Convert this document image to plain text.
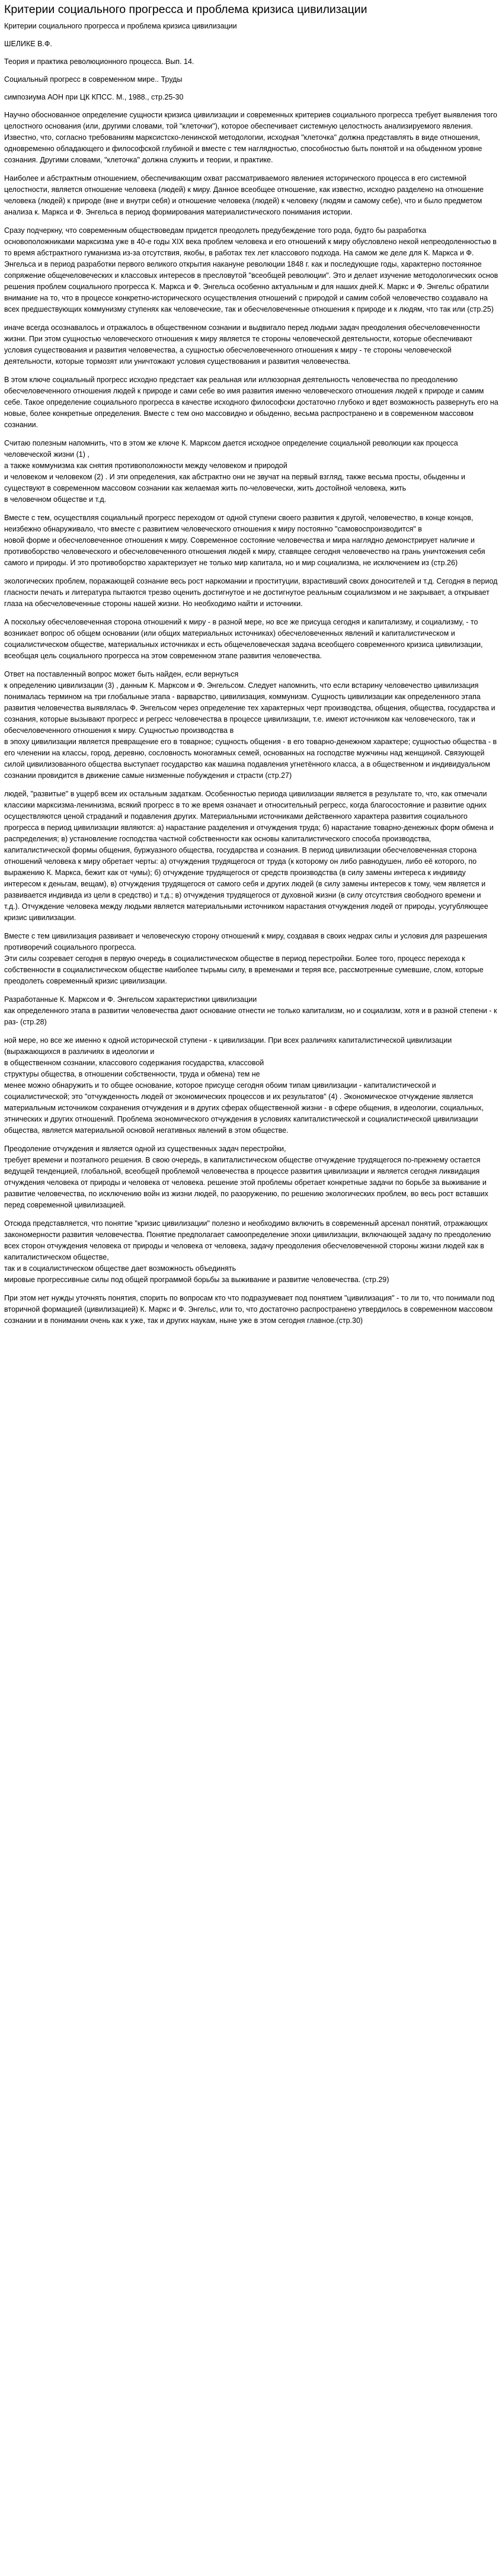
Критерии социального прогресса и проблема кризиса цивилизации

Критерии социального прогресса и проблема кризиса цивилизации

ШЕЛИКЕ В.Ф.

Теория и практика революционного процесса. Вып. 14.

Социальный прогресс в современном мире.. Труды

симпозиума АОН при ЦК КПСС. М., 1988., стр.25-30

Научно обоснованное определение сущности кризиса цивилизации и современных критериев социального прогресса требует выявления того целостного основания (или, другими словами, той "клеточки"), которое обеспечивает системную целостность анализируемого явления. Известно, что, согласно требованиям марксистско-ленинской методологии, исходная "клеточка" должна представлять в виде отношения, одновременно обладающего и философской глубиной и вместе с тем наглядностью, способностью быть понятой и на обыденном уровне сознания. Другими словами, "клеточка" должна служить и теории, и практике.

Наиболее и абстрактным отношением, обеспечивающим охват рассматриваемого явлениея исторического процесса в его системной целостности, является отношение человека (людей) к миру. Данное всеобщее отношение, как известно, исходно разделено на отношение человека (людей) к природе (вне и внутри себя) и отношение человека (людей) к человеку (людям и самому себе), что и было предметом анализа к. Маркса и Ф. Энгельса в период формирования материалистического понимания истории.

Сразу подчеркну, что современным обществоведам придется преодолеть предубеждение того рода, будто бы разработка основоположниками марксизма уже в 40-е годы XIX века проблем человека и его отношений к миру обусловлено некой непреодоленностью в то время абстрактного гуманизма из-за отсутствия, якобы, в работах тех лет классового подхода. На самом же деле для К. Маркса и Ф. Энгельса и в период разработки первого великого открытия накануне революции 1848 г. как и последующие годы, характерно постоянное сопряжение общечеловеческих и классовых интересов в пресловутой "всеобщей революции". Это и делает изучение методологических основ решения проблем социального прогресса К. Маркса и Ф. Энгельса особенно актуальным и для наших дней.К. Маркс и Ф. Энгельс обратили внимание на то, что в процессе конкретно-исторического осуществления отношений с природой и самим собой человечество создавало на всех предшествующих коммунизму ступенях как человеческие, так и обесчеловеченные отношения к природе и к людям, что так или (стр.25)

иначе всегда осознавалось и отражалось в общественном сознании и выдвигало перед людьми задач преодоления обесчеловеченности жизни. При этом сущностью человеческого отношения к миру является те стороны человеческой деятельности, которые обеспечивают условия существования и развития человечества, а сущностью обесчеловеченного отношения к миру - те стороны человеческой деятельности, которые тормозят или уничтожают условия существования и развития человечества.

В этом ключе социальный прогресс исходно предстает как реальная или иллюзорная деятельность человечества по преодолению обесчеловеченного отношения людей к природе и сами себе во имя развития именно человеческого отношения людей к природе и самим себе. Такое определение социального прогресса в качестве исходного философски достаточно глубоко и вдет возможность развернуть его на новые, более конкретные определения. Вместе с тем оно массовидно и обыденно, весьма распространено и в современном массовом сознании.

Считаю полезным напомнить, что в этом же ключе К. Марксом дается исходное определение социальной революции как процесса человеческой жизни (1) ,
а также коммунизма как снятия противоположности между человеком и природой
и человеком и человеком (2) . И эти определения, как абстрактно они не звучат на первый взгляд, также весьма просты, обыденны и существуют в современном массовом сознании как желаемая жить по-человечески, жить достойной человека, жить
в человечном обществе и т.д.

Вместе с тем, осуществляя социальный прогресс переходом от одной ступени своего развития к другой, человечество, в конце концов, неизбежно обнаруживало, что вместе с развитием человеческого отношения к миру постоянно "самовоспроизводится" в
новой форме и обесчеловеченное отношения к миру. Современное состояние человечества и мира наглядно демонстрирует наличие и противоборство человеческого и обесчеловеченного отношения людей к миру, ставящее сегодня человечество на грань уничтожения себя самого и природы. И это противоборство характеризует не только мир капитала, но и мир социализма, не исключением из (стр.26)

экологических проблем, поражающей сознание весь рост наркомании и проституции, взрастивший своих доносителей и т.д. Сегодня в период гласности печать и литература пытаются трезво оценить достигнутое и не достигнутое реальным социализмом и не закрывает, а открывает глаза на обесчеловеченные стороны нашей жизни. Но необходимо найти и источники.

А поскольку обесчеловеченная сторона отношений к миру - в разной мере, но все же присуща сегодня и капитализму, и социализму, - то возникает вопрос об общем основании (или общих материальных источниках) обесчеловеченных явлений и капиталистическом и социалистическом обществе, материальных источниках и есть общечеловеческая задача всеобщего современного кризиса цивилизации, всеобщая цель социального прогресса на этом современном этапе развития человечества.

Ответ на поставленный вопрос может быть найден, если вернуться
к определению цивилизации (3) , данным К. Марксом и Ф. Энгельсом. Следует напомнить, что если встарину человечество цивилизация понималась термином на три глобальные этапа - варварство, цивилизация, коммунизм. Сущность цивилизации как определенного этапа развития человечества выявлялась Ф. Энгельсом через определение тех характерных черт производства, общения, общества, государства и сознания, которые вызывают прогресс и регресс человечества в процессе цивилизации, т.е. имеют источником как человеческого, так и обесчеловеченного отношения к миру. Сущностью производства в
в эпоху цивилизации является превращение его в товарное; сущность общения - в его товарно-денежном характере; сущностью общества - в его членении на классы, город, деревню, сословность моногамных семей, основанных на господстве мужчины над женщиной. Связующей силой цивилизованного общества выступает государство как машина подавления угнетённого класса, а в общественном и индивидуальном сознании провидится в движение самые низменные побуждения и страсти (стр.27)

людей, "развитые" в ущерб всем их остальным задаткам. Особенностью периода цивилизации является в результате то, что, как отмечали классики марксизма-ленинизма, всякий прогресс в то же время означает и относительный регресс, когда благосостояние и развитие одних осуществляются ценой страданий и подавления других. Материальными источниками действенного характера развития социального прогресса в период цивилизации являются: а) нарастание разделения и отчуждения труда; б) нарастание товарно-денежных форм обмена и распределения; в) установление господства частной собственности как основы капиталистического способа производства, капиталистической формы общения, буржуазного общества, государства и сознания. В период цивилизации обесчеловеченная сторона отношений человека к миру обретает черты: а) отчуждения трудящегося от труда (к которому он либо равнодушен, либо её которого, по выражению К. Маркса, бежит как от чумы); б) отчуждение трудящегося от средств производства (в силу замены интереса к индивиду интересом к деньгам, вещам), в) отчуждения трудящегося от самого себя и других людей (в силу замены интересов к тому, чем является и развивается индивида из цели в средство) и т.д.; в) отчуждения трудящегося от духовной жизни (в силу отсутствия свободного времени и т.д.). Отчуждение человека между людьми является материальными источником нарастания отчуждения людей от природы, усугубляющее кризис цивилизации.

Вместе с тем цивилизация развивает и человеческую сторону отношений к миру, создавая в своих недрах силы и условия для разрешения противоречий социального прогресса.
Эти силы созревает сегодня в первую очередь в социалистическом обществе в период перестройки. Более того, процесс перехода к собственности в социалистическом обществе наиболее тырьмы силу, в временами и теряя все, рассмотренные сумевшие, слом, которые преодолеть современный кризис цивилизации.

Разработанные К. Марксом и Ф. Энгельсом характеристики цивилизации
как определенного этапа в развитии человечества дают основание отнести не только капитализм, но и социализм, хотя и в разной степени - к раз- (стр.28)

ной мере, но все же именно к одной исторической ступени - к цивилизации. При всех различиях капиталистической цивилизации (выражающихся в различиях в идеологии и
в общественном сознании, классового содержания государства, классовой
структуры общества, в отношении собственности, труда и обмена) тем не
менее можно обнаружить и то общее основание, которое присуще сегодня обоим типам цивилизации - капиталистической и социалистической; это "отчужденность людей от экономических процессов и их результатов" (4) . Экономическое отчуждение является материальным источником сохранения отчуждения и в других сферах общественной жизни - в сфере общения, в идеологии, социальных, этнических и других отношений. Проблема экономического отчуждения в условиях капиталистической и социалистической цивилизации общества, является материальной основой негативных явлений в этом обществе.

Преодоление отчуждения и является одной из существенных задач перестройки,
требует времени и поэтапного решения. В свою очередь, в капиталистическом обществе отчуждение трудящегося по-прежнему остается ведущей тенденцией, глобальной, всеобщей проблемой человечества в процессе развития цивилизации и является сегодня ликвидация отчуждения человека от природы и человека от человека. решение этой проблемы обретает конкретные задачи по борьбе за выживание и развитие человечества, по исключению войн из жизни людей, по разоружению, по решению экологических проблем, во весь рост вставших перед современной цивилизацией.

Отсюда представляется, что понятие "кризис цивилизации" полезно и необходимо включить в современный арсенал понятий, отражающих закономерности развития человечества. Понятие предполагает самоопределение эпохи цивилизации, включающей задачу по преодолению всех сторон отчуждения человека от природы и человека от человека, задачу преодоления обесчеловеченной стороны жизни людей как в капиталистическом обществе,
так и в социалистическом обществе дает возможность объединять
мировые прогрессивные силы под общей программой борьбы за выживание и развитие человечества. (стр.29)

При этом нет нужды уточнять понятия, спорить по вопросам кто что подразумевает под понятием "цивилизация" - то ли то, что понимали под вторичной формацией (цивилизацией) К. Маркс и Ф. Энгельс, или то, что достаточно распространено утвердилось в современном массовом сознании и в понимании очень как к уже, так и других наукам, ныне уже в этом сегодня главное.(стр.30)
